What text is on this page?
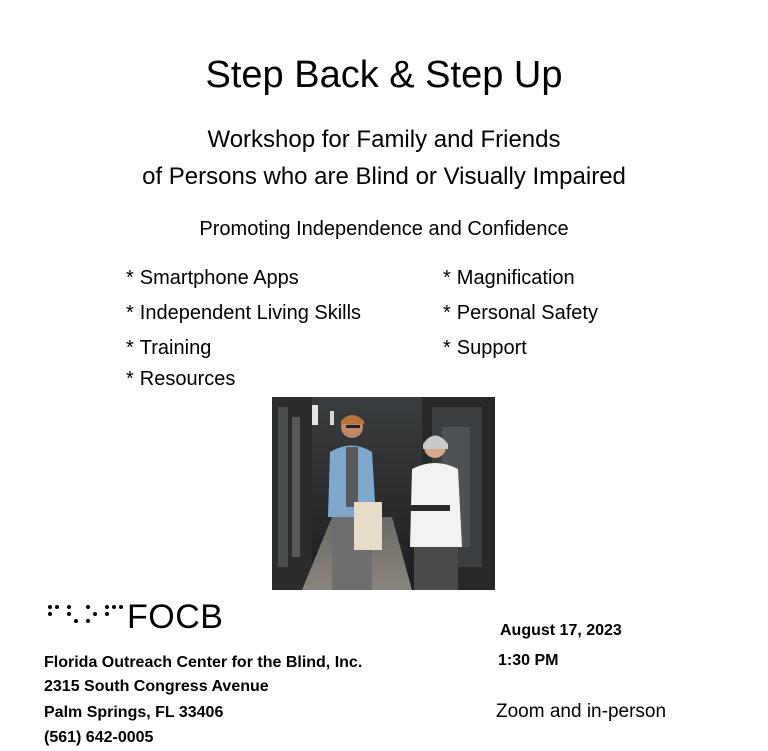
Step Back & Step Up
Workshop for Family and Friends
of Persons who are Blind or Visually Impaired
Promoting Independence and Confidence
* Smartphone Apps
* Independent Living Skills
* Training
* Resources
* Magnification
* Personal Safety
* Support
FOCB
Florida Outreach Center for the Blind, Inc.
2315 South Congress Avenue
Palm Springs, FL 33406
(561) 642-0005
August 17, 2023
1:30 PM
Zoom and in-person
